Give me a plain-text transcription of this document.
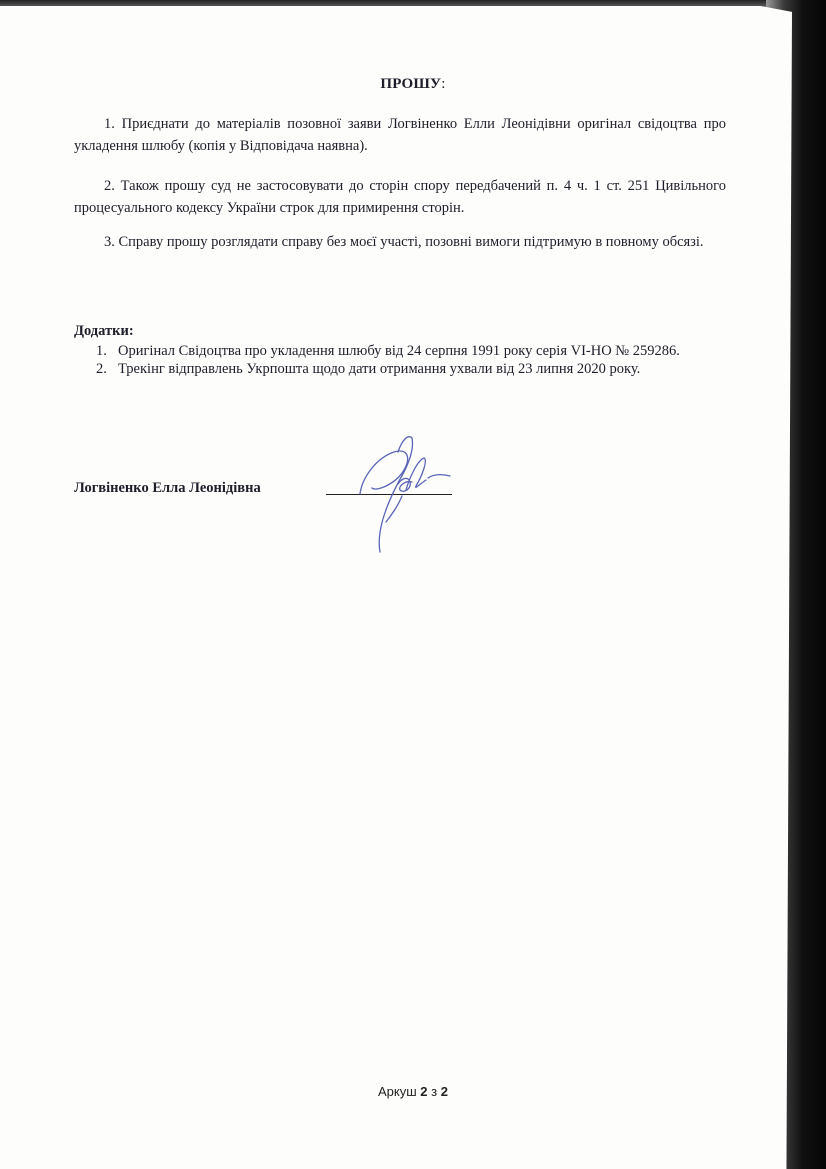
ПРОШУ:

1. Приєднати до матеріалів позовної заяви Логвіненко Елли Леонідівни оригінал свідоцтва про укладення шлюбу (копія у Відповідача наявна).

2. Також прошу суд не застосовувати до сторін спору передбачений п. 4 ч. 1 ст. 251 Цивільного процесуального кодексу України строк для примирення сторін.

3. Справу прошу розглядати справу без моєї участі, позовні вимоги підтримую в повному обсязі.

Додатки:
1. Оригінал Свідоцтва про укладення шлюбу від 24 серпня 1991 року серія VI-НО № 259286.
2. Трекінг відправлень Укрпошта щодо дати отримання ухвали від 23 липня 2020 року.
Логвіненко Елла Леонідівна
Аркуш 2 з 2
